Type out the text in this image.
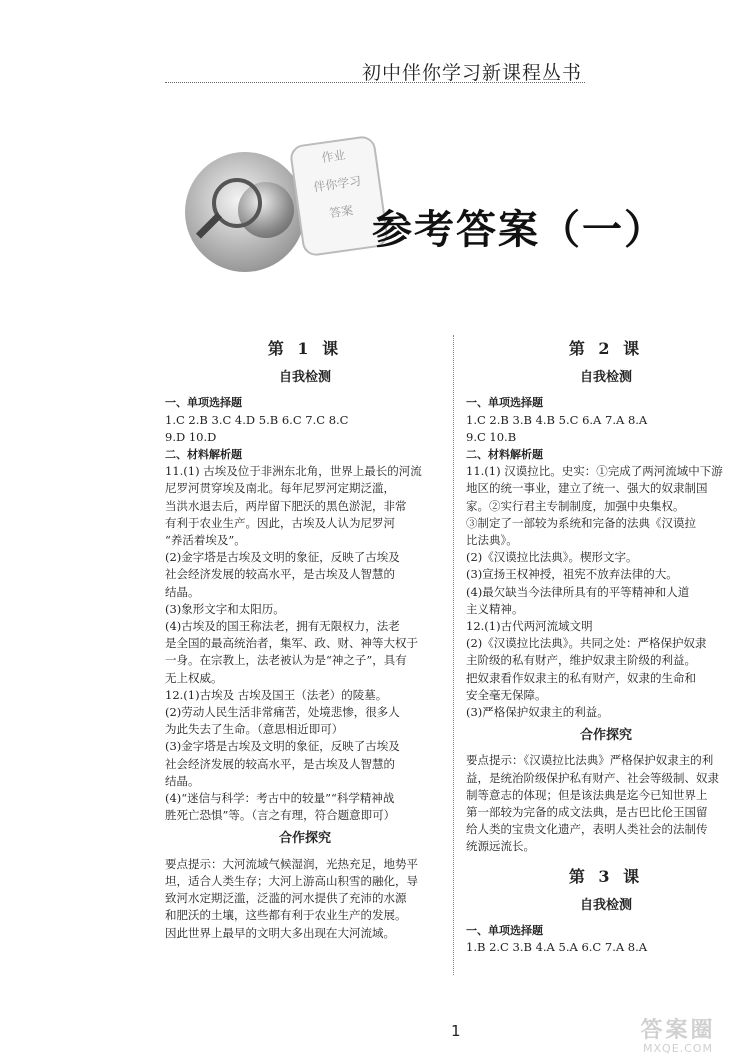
初中伴你学习新课程丛书
作业
伴你学习
答案 参考答案（一）
第 1 课
自我检测
一、单项选择题
1.C 2.B 3.C 4.D 5.B 6.C 7.C 8.C
9.D 10.D
二、材料解析题
11.(1) 古埃及位于非洲东北角，世界上最长的河流
尼罗河贯穿埃及南北。每年尼罗河定期泛滥，
当洪水退去后，两岸留下肥沃的黑色淤泥，非常
有利于农业生产。因此，古埃及人认为尼罗河
“养活着埃及”。
(2)金字塔是古埃及文明的象征，反映了古埃及
社会经济发展的较高水平，是古埃及人智慧的
结晶。
(3)象形文字和太阳历。
(4)古埃及的国王称法老，拥有无限权力，法老
是全国的最高统治者，集军、政、财、神等大权于
一身。在宗教上，法老被认为是“神之子”，具有
无上权威。
12.(1)古埃及 古埃及国王（法老）的陵墓。
(2)劳动人民生活非常痛苦，处境悲惨，很多人
为此失去了生命。（意思相近即可）
(3)金字塔是古埃及文明的象征，反映了古埃及
社会经济发展的较高水平，是古埃及人智慧的
结晶。
(4)“迷信与科学：考古中的较量”“科学精神战
胜死亡恐惧”等。（言之有理，符合题意即可）
合作探究
要点提示：大河流域气候湿润，光热充足，地势平
坦，适合人类生存；大河上游高山积雪的融化，导
致河水定期泛滥，泛滥的河水提供了充沛的水源
和肥沃的土壤，这些都有利于农业生产的发展。
因此世界上最早的文明大多出现在大河流域。
第 2 课
自我检测
一、单项选择题
1.C 2.B 3.B 4.B 5.C 6.A 7.A 8.A
9.C 10.B
二、材料解析题
11.(1) 汉谟拉比。史实：①完成了两河流域中下游
地区的统一事业，建立了统一、强大的奴隶制国
家。②实行君主专制制度，加强中央集权。
③制定了一部较为系统和完备的法典《汉谟拉
比法典》。
(2)《汉谟拉比法典》。楔形文字。
(3)宣扬王权神授，祖宪不放弃法律的大。
(4)最欠缺当今法律所具有的平等精神和人道
主义精神。
12.(1)古代两河流域文明
(2)《汉谟拉比法典》。共同之处：严格保护奴隶
主阶级的私有财产，维护奴隶主阶级的利益。
把奴隶看作奴隶主的私有财产，奴隶的生命和
安全毫无保障。
(3)严格保护奴隶主的利益。
合作探究
要点提示：《汉谟拉比法典》严格保护奴隶主的利
益，是统治阶级保护私有财产、社会等级制、奴隶
制等意志的体现；但是该法典是迄今已知世界上
第一部较为完备的成文法典，是古巴比伦王国留
给人类的宝贵文化遗产，表明人类社会的法制传
统源远流长。
第 3 课
自我检测
一、单项选择题
1.B 2.C 3.B 4.A 5.A 6.C 7.A 8.A
1	答案圈
MXQE.COM
